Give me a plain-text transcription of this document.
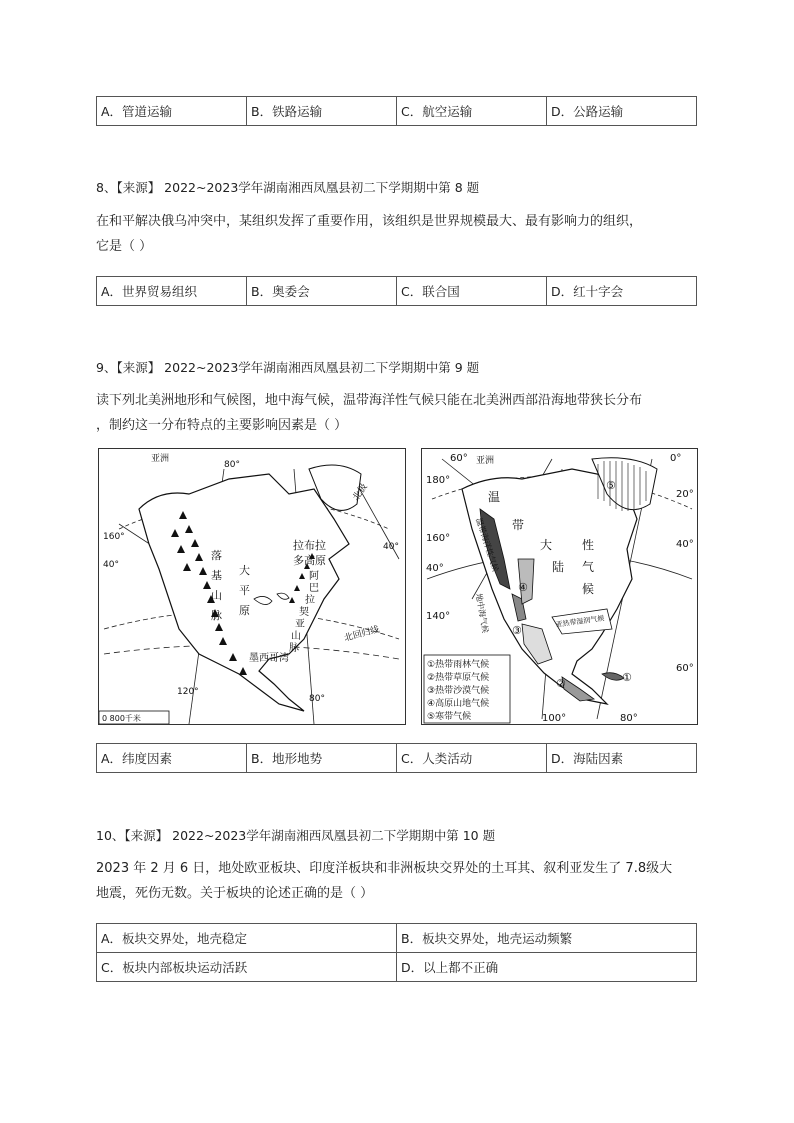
A．管道运输	B．铁路运输	C．航空运输	D．公路运输
8、【来源】 2022~2023学年湖南湘西凤凰县初二下学期期中第 8 题
在和平解决俄乌冲突中，某组织发挥了重要作用，该组织是世界规模最大、最有影响力的组织，
它是（ ）
A．世界贸易组织	B．奥委会	C．联合国	D．红十字会
9、【来源】 2022~2023学年湖南湘西凤凰县初二下学期期中第 9 题
读下列北美洲地形和气候图，地中海气候，温带海洋性气候只能在北美洲西部沿海地带狭长分布
，制约这一分布特点的主要影响因素是（ ）
亚洲
80°
北极
160°
40°
40°
落
基
山
脉
大
平
原
拉布拉
多高原
阿
巴
拉
契
亚
山
脉
北回归线
墨西哥湾
120°
80°
0 800千米
60° 亚洲
180°
160°
40°
140°
0°
20°
40°
60°
100°	80°
⑤
④
③
②	①
温
带
大
陆
性
气
候
温带海洋性气候
地中海气候	亚热带湿润气候
①热带雨林气候
②热带草原气候
③热带沙漠气候
④高原山地气候
⑤寒带气候
A．纬度因素	B．地形地势	C．人类活动	D．海陆因素
10、【来源】 2022~2023学年湖南湘西凤凰县初二下学期期中第 10 题
2023 年 2 月 6 日，地处欧亚板块、印度洋板块和非洲板块交界处的土耳其、叙利亚发生了 7.8级大
地震，死伤无数。关于板块的论述正确的是（ ）
A．板块交界处，地壳稳定	B．板块交界处，地壳运动频繁
C．板块内部板块运动活跃	D．以上都不正确
